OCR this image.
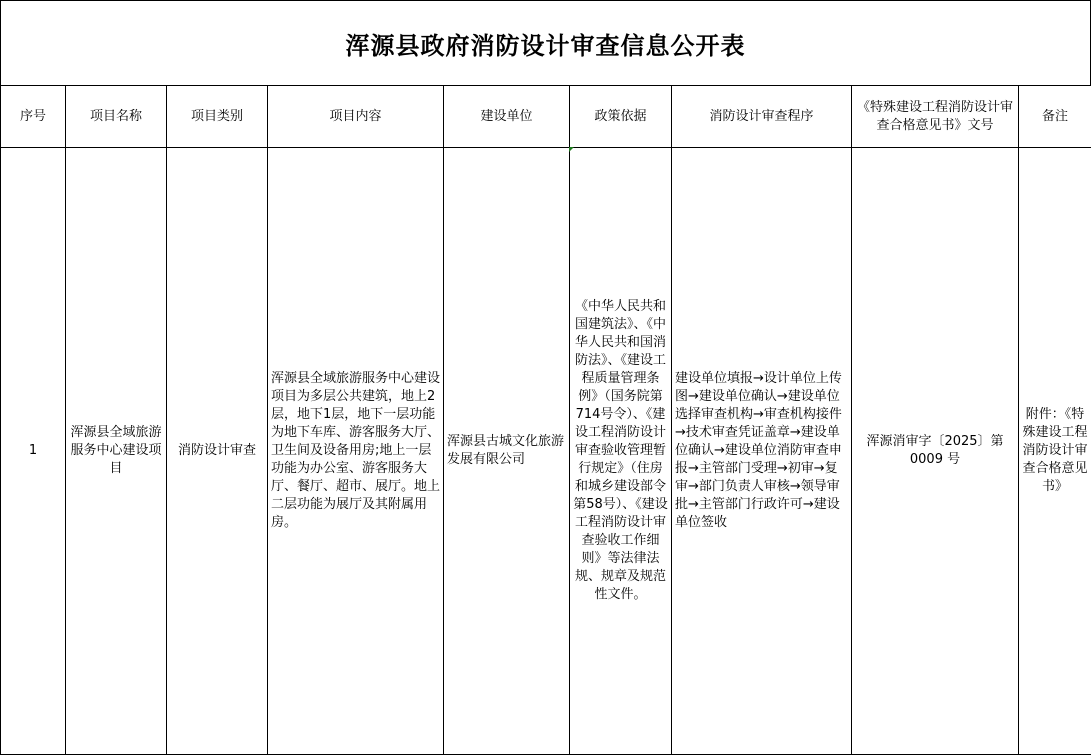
浑源县政府消防设计审查信息公开表
序号	项目名称	项目类别	项目内容	建设单位	政策依据	消防设计审查程序	《特殊建设工程消防设计审查合格意见书》文号	备注
1	浑源县全域旅游服务中心建设项目	消防设计审查	浑源县全域旅游服务中心建设项目为多层公共建筑，地上2层，地下1层，地下一层功能为地下车库、游客服务大厅、卫生间及设备用房;地上一层功能为办公室、游客服务大厅、餐厅、超市、展厅。地上二层功能为展厅及其附属用房。	浑源县古城文化旅游发展有限公司	《中华人民共和国建筑法》、《中华人民共和国消防法》、《建设工程质量管理条例》（国务院第714号令）、《建设工程消防设计审查验收管理暂行规定》（住房和城乡建设部令第58号）、《建设工程消防设计审查验收工作细则》等法律法规、规章及规范性文件。	建设单位填报→设计单位上传图→建设单位确认→建设单位选择审查机构→审查机构接件→技术审查凭证盖章→建设单位确认→建设单位消防审查申报→主管部门受理→初审→复审→部门负责人审核→领导审批→主管部门行政许可→建设单位签收	浑源消审字〔2025〕第0009 号	附件：《特殊建设工程消防设计审查合格意见书》
